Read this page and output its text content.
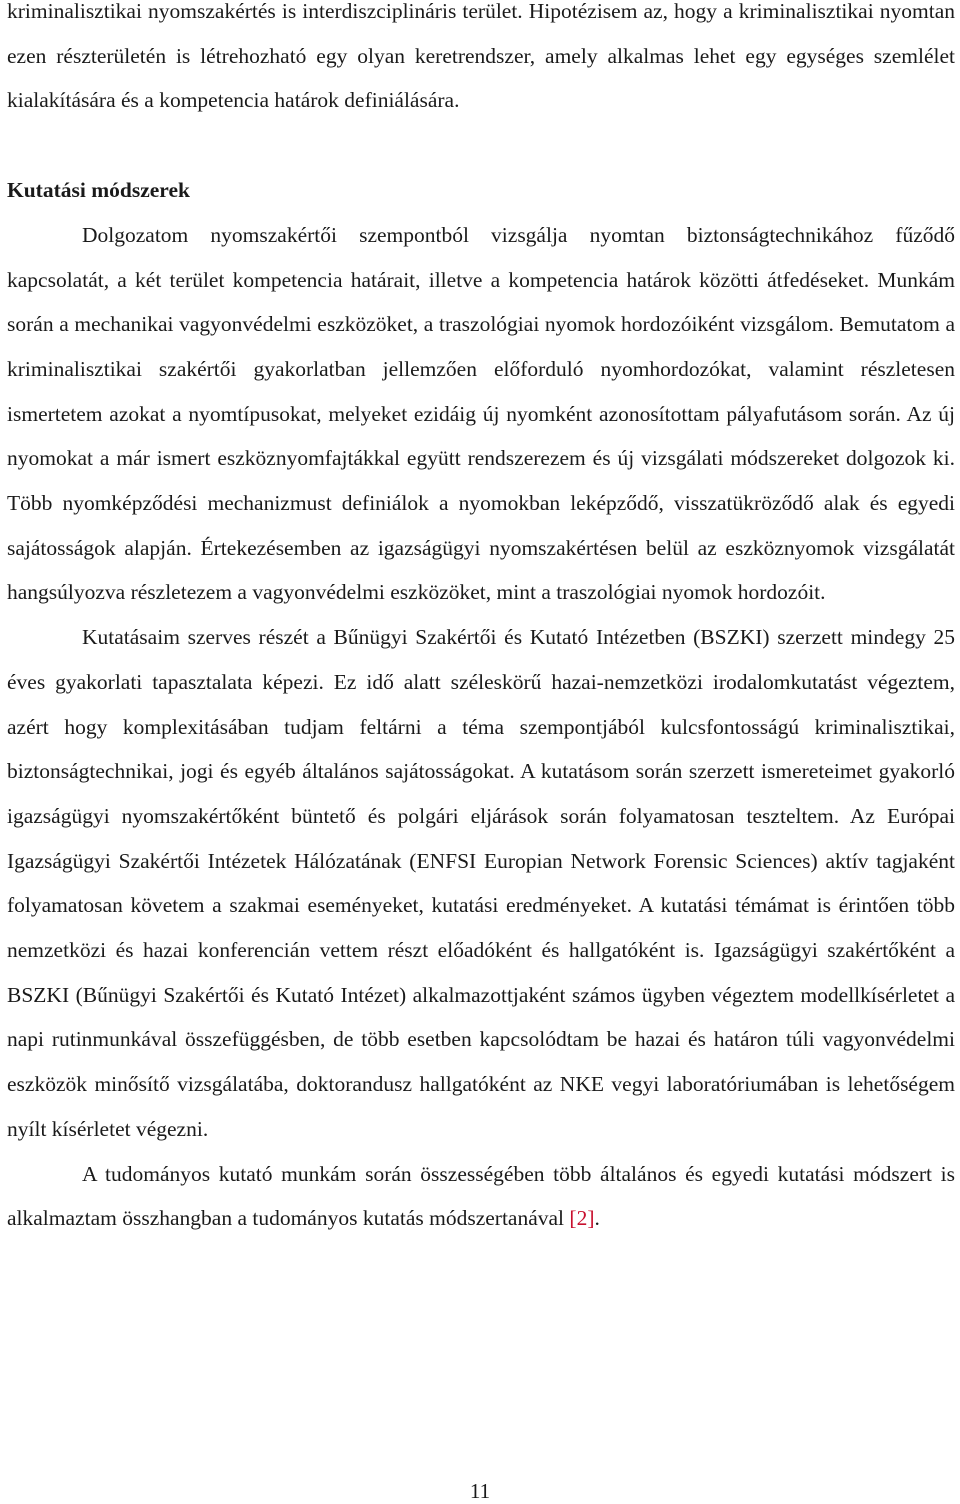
kriminalisztikai nyomszakértés is interdiszciplináris terület. Hipotézisem az, hogy a kriminalisztikai nyomtan ezen részterületén is létrehozható egy olyan keretrendszer, amely alkalmas lehet egy egységes szemlélet kialakítására és a kompetencia határok definiálására.

Kutatási módszerek

Dolgozatom nyomszakértői szempontból vizsgálja nyomtan biztonságtechnikához fűződő kapcsolatát, a két terület kompetencia határait, illetve a kompetencia határok közötti átfedéseket. Munkám során a mechanikai vagyonvédelmi eszközöket, a traszológiai nyomok hordozóiként vizsgálom. Bemutatom a kriminalisztikai szakértői gyakorlatban jellemzően előforduló nyomhordozókat, valamint részletesen ismertetem azokat a nyomtípusokat, melyeket ezidáig új nyomként azonosítottam pályafutásom során. Az új nyomokat a már ismert eszköznyomfajtákkal együtt rendszerezem és új vizsgálati módszereket dolgozok ki. Több nyomképződési mechanizmust definiálok a nyomokban leképződő, visszatükröződő alak és egyedi sajátosságok alapján. Értekezésemben az igazságügyi nyomszakértésen belül az eszköznyomok vizsgálatát hangsúlyozva részletezem a vagyonvédelmi eszközöket, mint a traszológiai nyomok hordozóit.

Kutatásaim szerves részét a Bűnügyi Szakértői és Kutató Intézetben (BSZKI) szerzett mindegy 25 éves gyakorlati tapasztalata képezi. Ez idő alatt széleskörű hazai-nemzetközi irodalomkutatást végeztem, azért hogy komplexitásában tudjam feltárni a téma szempontjából kulcsfontosságú kriminalisztikai, biztonságtechnikai, jogi és egyéb általános sajátosságokat. A kutatásom során szerzett ismereteimet gyakorló igazságügyi nyomszakértőként büntető és polgári eljárások során folyamatosan teszteltem. Az Európai Igazságügyi Szakértői Intézetek Hálózatának (ENFSI Europian Network Forensic Sciences) aktív tagjaként folyamatosan követem a szakmai eseményeket, kutatási eredményeket. A kutatási témámat is érintően több nemzetközi és hazai konferencián vettem részt előadóként és hallgatóként is. Igazságügyi szakértőként a BSZKI (Bűnügyi Szakértői és Kutató Intézet) alkalmazottjaként számos ügyben végeztem modellkísérletet a napi rutinmunkával összefüggésben, de több esetben kapcsolódtam be hazai és határon túli vagyonvédelmi eszközök minősítő vizsgálatába, doktorandusz hallgatóként az NKE vegyi laboratóriumában is lehetőségem nyílt kísérletet végezni.

A tudományos kutató munkám során összességében több általános és egyedi kutatási módszert is alkalmaztam összhangban a tudományos kutatás módszertanával [2].

11
